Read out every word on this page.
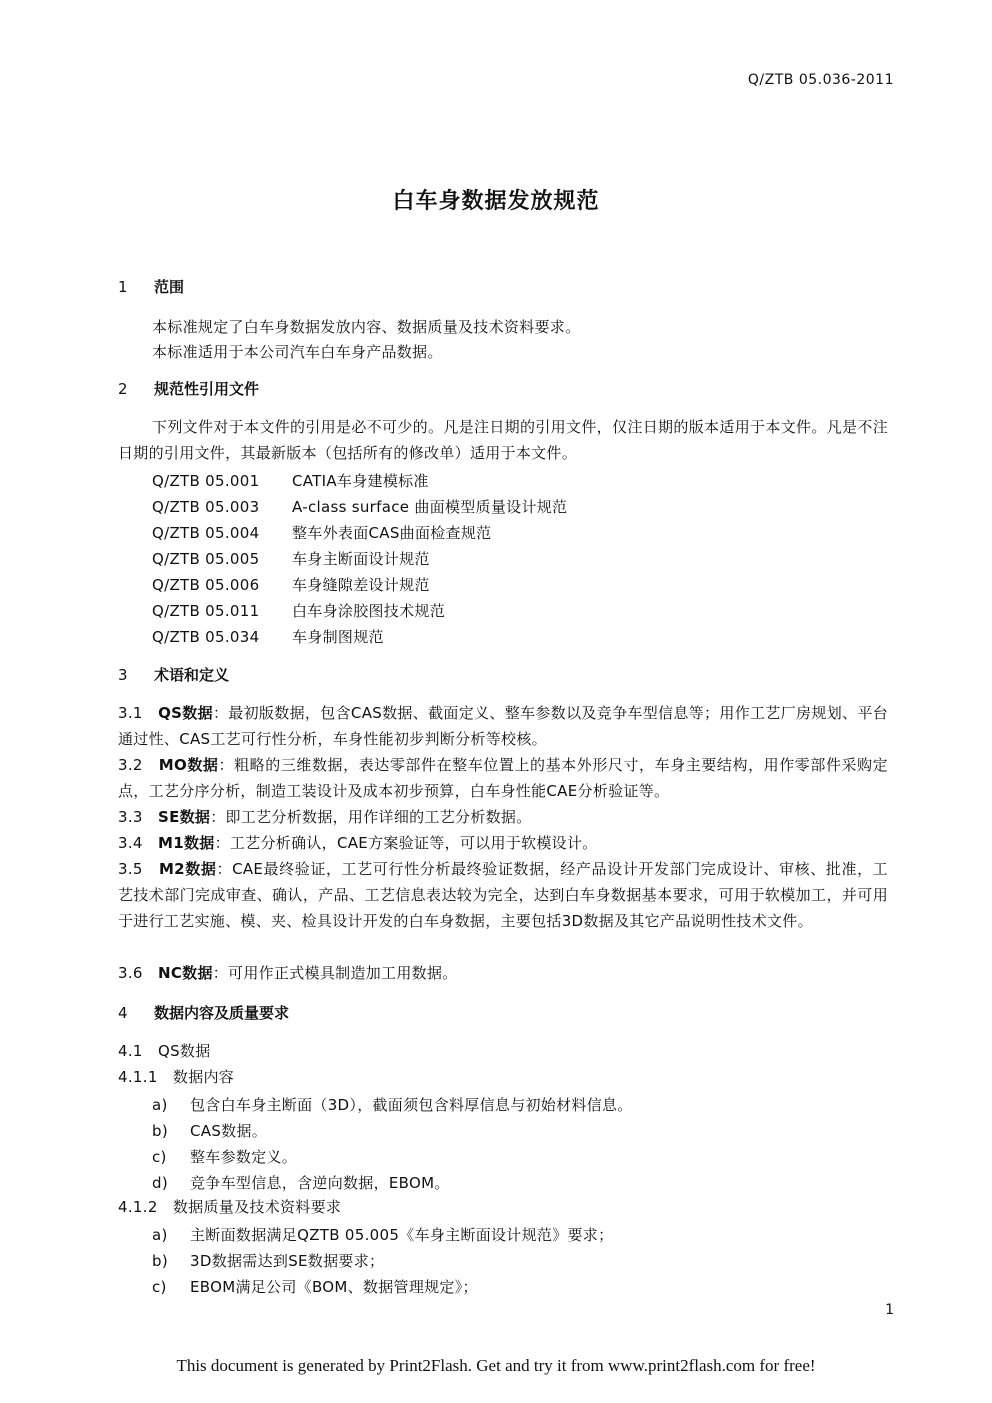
Q/ZTB 05.036-2011
白车身数据发放规范
1 范围
本标准规定了白车身数据发放内容、数据质量及技术资料要求。
本标准适用于本公司汽车白车身产品数据。
2 规范性引用文件
下列文件对于本文件的引用是必不可少的。凡是注日期的引用文件，仅注日期的版本适用于本文件。凡是不注日期的引用文件，其最新版本（包括所有的修改单）适用于本文件。
Q/ZTB 05.001 CATIA车身建模标准
Q/ZTB 05.003 A-class surface 曲面模型质量设计规范
Q/ZTB 05.004 整车外表面CAS曲面检查规范
Q/ZTB 05.005 车身主断面设计规范
Q/ZTB 05.006 车身缝隙差设计规范
Q/ZTB 05.011 白车身涂胶图技术规范
Q/ZTB 05.034 车身制图规范
3 术语和定义
3.1 QS数据：最初版数据，包含CAS数据、截面定义、整车参数以及竞争车型信息等；用作工艺厂房规划、平台通过性、CAS工艺可行性分析，车身性能初步判断分析等校核。
3.2 MO数据：粗略的三维数据，表达零部件在整车位置上的基本外形尺寸，车身主要结构，用作零部件采购定点，工艺分序分析，制造工装设计及成本初步预算，白车身性能CAE分析验证等。
3.3 SE数据：即工艺分析数据，用作详细的工艺分析数据。
3.4 M1数据：工艺分析确认，CAE方案验证等，可以用于软模设计。
3.5 M2数据：CAE最终验证，工艺可行性分析最终验证数据，经产品设计开发部门完成设计、审核、批准，工艺技术部门完成审查、确认，产品、工艺信息表达较为完全，达到白车身数据基本要求，可用于软模加工，并可用于进行工艺实施、模、夹、检具设计开发的白车身数据，主要包括3D数据及其它产品说明性技术文件。
3.6 NC数据：可用作正式模具制造加工用数据。
4 数据内容及质量要求
4.1 QS数据
4.1.1 数据内容
a) 包含白车身主断面（3D），截面须包含料厚信息与初始材料信息。
b) CAS数据。
c) 整车参数定义。
d) 竞争车型信息，含逆向数据，EBOM。
4.1.2 数据质量及技术资料要求
a) 主断面数据满足QZTB 05.005《车身主断面设计规范》要求；
b) 3D数据需达到SE数据要求；
c) EBOM满足公司《BOM、数据管理规定》；
1
This document is generated by Print2Flash. Get and try it from www.print2flash.com for free!
